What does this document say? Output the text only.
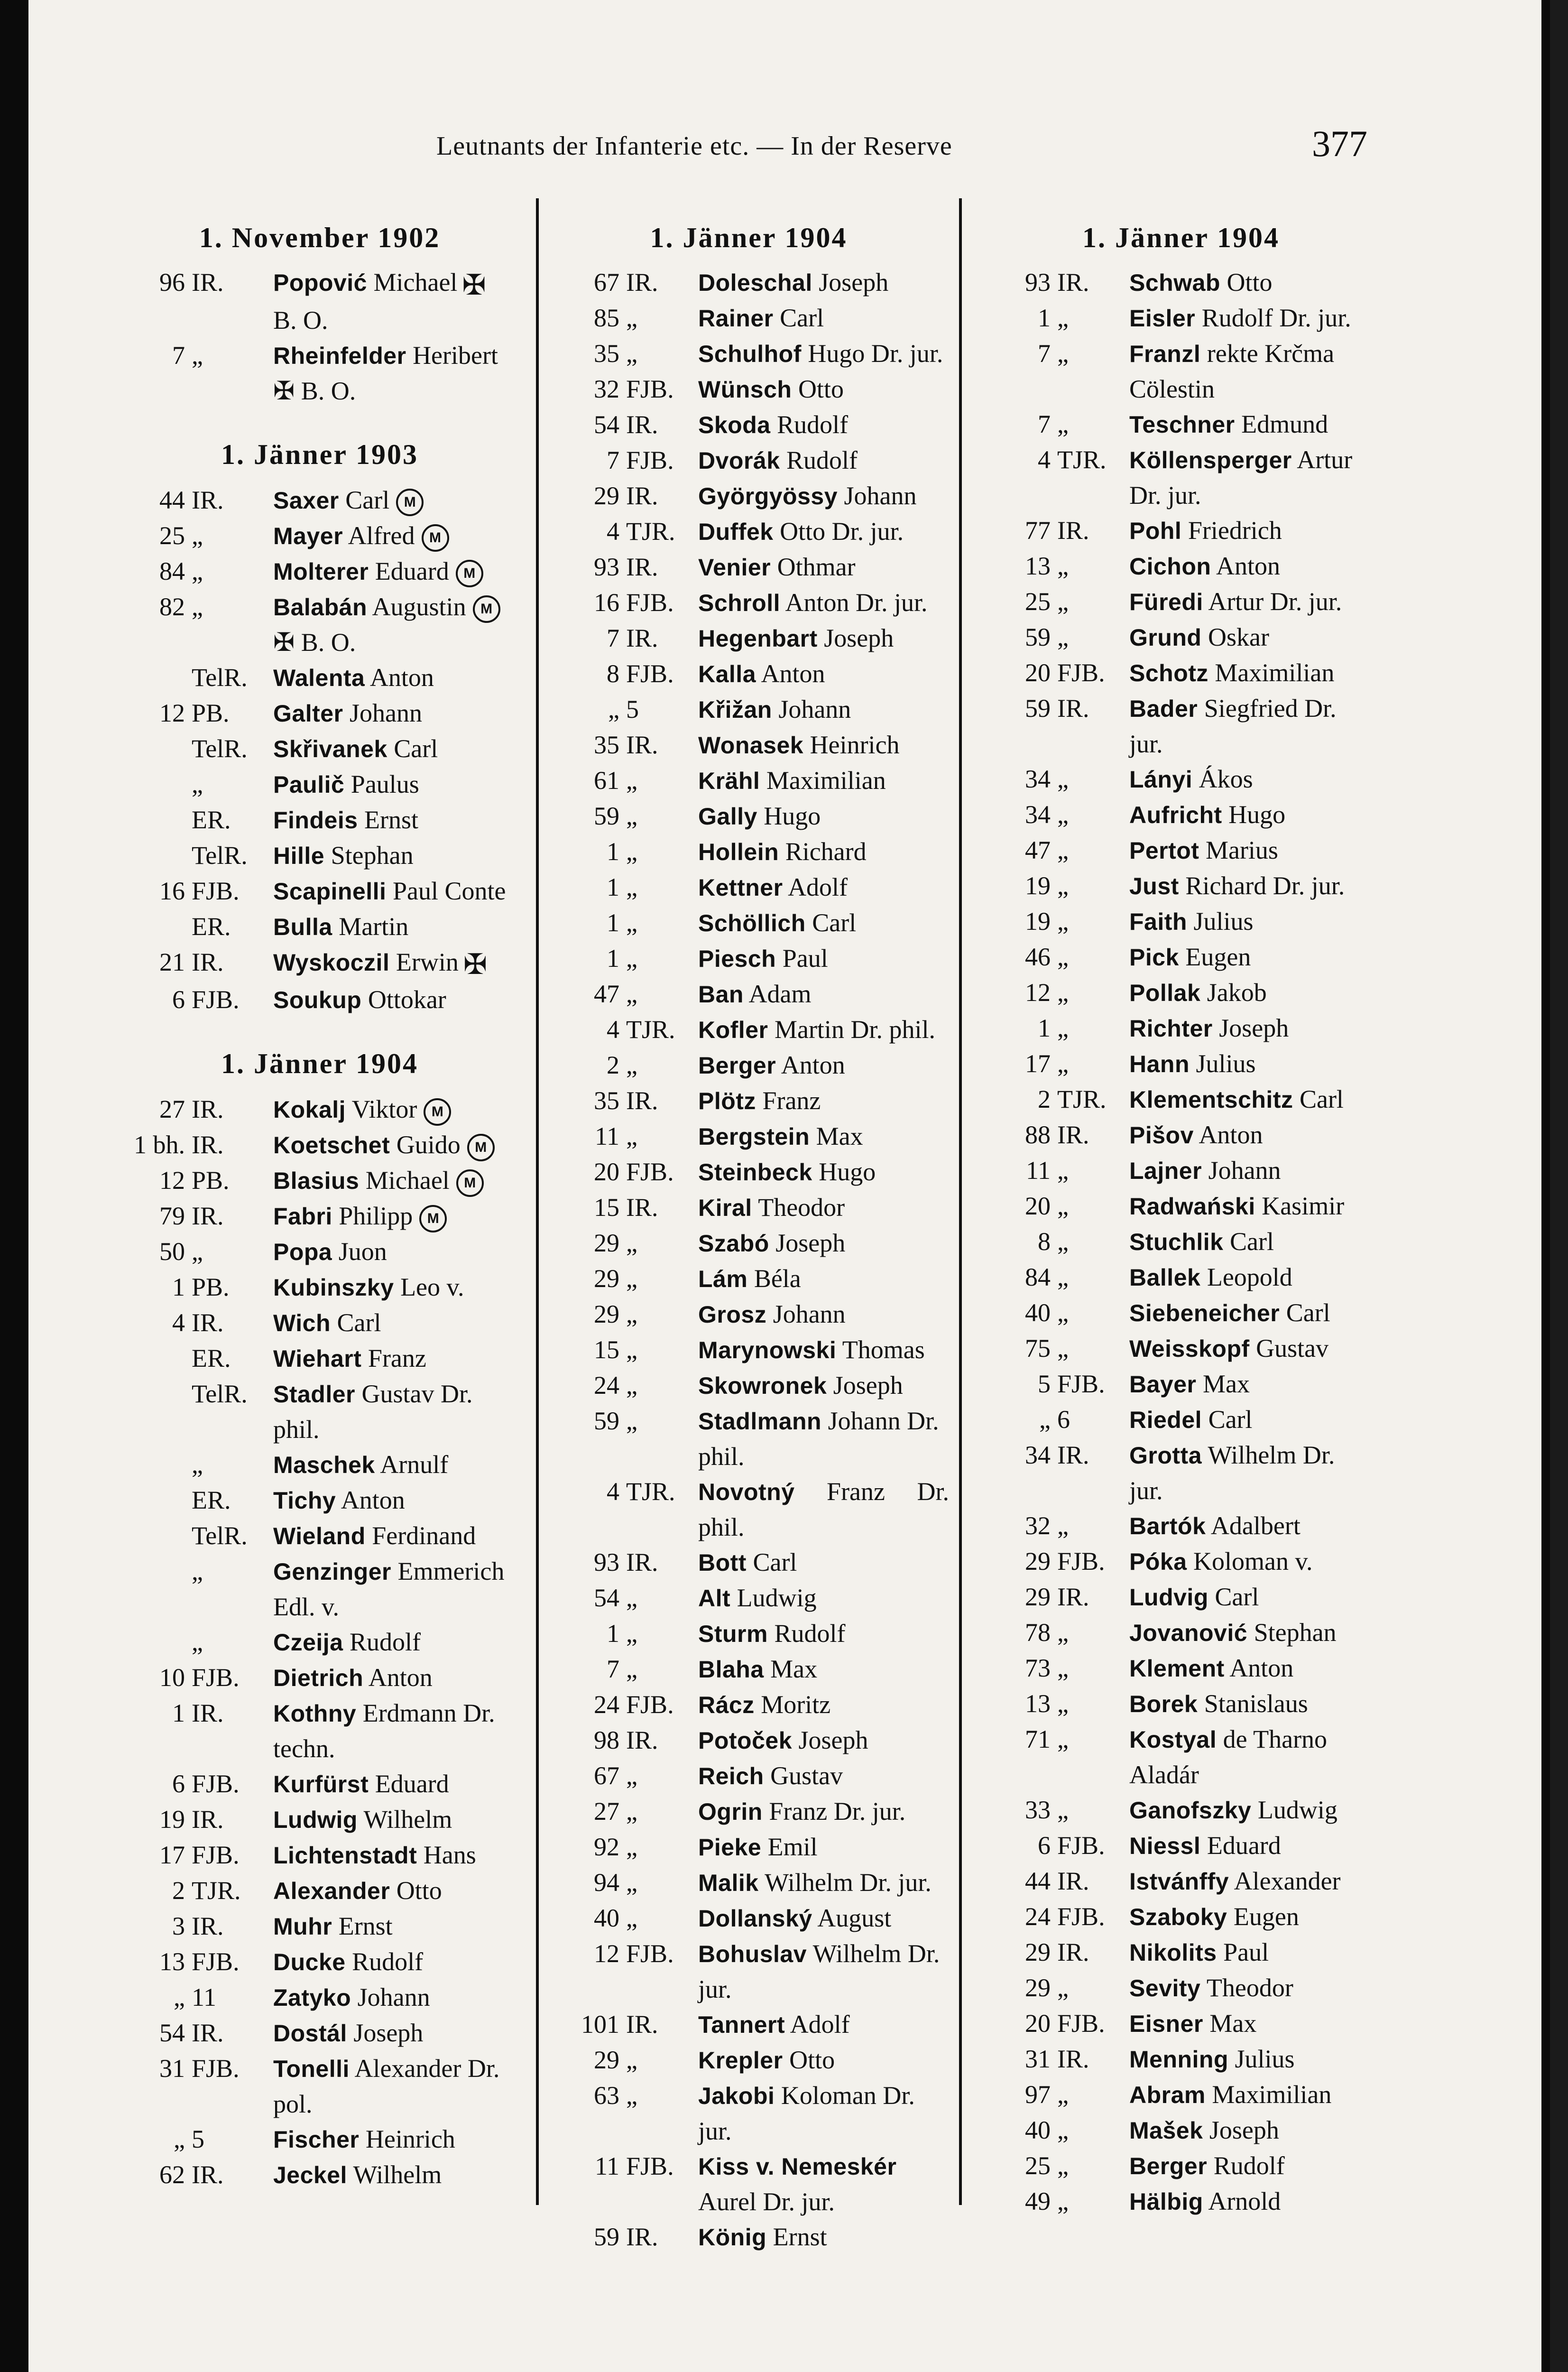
Leutnants der Infanterie etc. — In der Reserve	377
1. November 1902
96 IR.	Popović Michael ✠
B. O.
7 „	Rheinfelder Heribert
✠ B. O.
1. Jänner 1903
44 IR.	Saxer Carl M
25 „	Mayer Alfred M
84 „	Molterer Eduard M
82 „	Balabán Augustin M
✠ B. O.
TelR.	Walenta Anton
12 PB.	Galter Johann
TelR.	Skřivanek Carl
„	Paulič Paulus
ER.	Findeis Ernst
TelR.	Hille Stephan
16 FJB.	Scapinelli Paul Conte
ER.	Bulla Martin
21 IR.	Wyskoczil Erwin ✠
6 FJB.	Soukup Ottokar
1. Jänner 1904
27 IR.	Kokalj Viktor M
1 bh. IR.	Koetschet Guido M
12 PB.	Blasius Michael M
79 IR.	Fabri Philipp M
50 „	Popa Juon
1 PB.	Kubinszky Leo v.
4 IR.	Wich Carl
ER.	Wiehart Franz
TelR.	Stadler Gustav Dr.
phil.
„	Maschek Arnulf
ER.	Tichy Anton
TelR.	Wieland Ferdinand
„	Genzinger Emmerich
Edl. v.
„	Czeija Rudolf
10 FJB.	Dietrich Anton
1 IR.	Kothny Erdmann Dr.
techn.
6 FJB.	Kurfürst Eduard
19 IR.	Ludwig Wilhelm
17 FJB.	Lichtenstadt Hans
2 TJR.	Alexander Otto
3 IR.	Muhr Ernst
13 FJB.	Ducke Rudolf
„ 11	Zatyko Johann
54 IR.	Dostál Joseph
31 FJB.	Tonelli Alexander Dr.
pol.
„ 5	Fischer Heinrich
62 IR.	Jeckel Wilhelm
1. Jänner 1904
67 IR.	Doleschal Joseph
85 „	Rainer Carl
35 „	Schulhof Hugo Dr. jur.
32 FJB.	Wünsch Otto
54 IR.	Skoda Rudolf
7 FJB.	Dvorák Rudolf
29 IR.	Györgyössy Johann
4 TJR. Duffek Otto Dr. jur.
93 IR.	Venier Othmar
16 FJB.	Schroll Anton Dr. jur.
7 IR.	Hegenbart Joseph
8 FJB.	Kalla Anton
„ 5	Křižan Johann
35 IR.	Wonasek Heinrich
61 „	Krähl Maximilian
59 „	Gally Hugo
1 „	Hollein Richard
1 „	Kettner Adolf
1 „	Schöllich Carl
1 „	Piesch Paul
47 „	Ban Adam
4 TJR. Kofler Martin Dr. phil.
2 „	Berger Anton
35 IR.	Plötz Franz
11 „	Bergstein Max
20 FJB.	Steinbeck Hugo
15 IR.	Kiral Theodor
29 „	Szabó Joseph
29 „	Lám Béla
29 „	Grosz Johann
15 „	Marynowski Thomas
24 „	Skowronek Joseph
59 „	Stadlmann Johann Dr.
phil.
4 TJR. Novotný Franz Dr. phil.
93 IR.	Bott Carl
54 „	Alt Ludwig
1 „	Sturm Rudolf
7 „	Blaha Max
24 FJB.	Rácz Moritz
98 IR.	Potoček Joseph
67 „	Reich Gustav
27 „	Ogrin Franz Dr. jur.
92 „	Pieke Emil
94 „	Malik Wilhelm Dr. jur.
40 „	Dollanský August
12 FJB.	Bohuslav Wilhelm Dr.
jur.
101 IR.	Tannert Adolf
29 „	Krepler Otto
63 „	Jakobi Koloman Dr.
jur.
11 FJB.	Kiss v. Nemeskér
Aurel Dr. jur.
59 IR.	König Ernst
1. Jänner 1904
93 IR.	Schwab Otto
1 „	Eisler Rudolf Dr. jur.
7 „	Franzl rekte Krčma
Cölestin
7 „	Teschner Edmund
4 TJR. Köllensperger Artur
Dr. jur.
77 IR.	Pohl Friedrich
13 „	Cichon Anton
25 „	Füredi Artur Dr. jur.
59 „	Grund Oskar
20 FJB.	Schotz Maximilian
59 IR.	Bader Siegfried Dr.
jur.
34 „	Lányi Ákos
34 „	Aufricht Hugo
47 „	Pertot Marius
19 „	Just Richard Dr. jur.
19 „	Faith Julius
46 „	Pick Eugen
12 „	Pollak Jakob
1 „	Richter Joseph
17 „	Hann Julius
2 TJR. Klementschitz Carl
88 IR.	Pišov Anton
11 „	Lajner Johann
20 „	Radwański Kasimir
8 „	Stuchlik Carl
84 „	Ballek Leopold
40 „	Siebeneicher Carl
75 „	Weisskopf Gustav
5 FJB.	Bayer Max
„ 6	Riedel Carl
34 IR.	Grotta Wilhelm Dr.
jur.
32 „	Bartók Adalbert
29 FJB.	Póka Koloman v.
29 IR.	Ludvig Carl
78 „	Jovanović Stephan
73 „	Klement Anton
13 „	Borek Stanislaus
71 „	Kostyal de Tharno
Aladár
33 „	Ganofszky Ludwig
6 FJB.	Niessl Eduard
44 IR.	Istvánffy Alexander
24 FJB.	Szaboky Eugen
29 IR.	Nikolits Paul
29 „	Sevity Theodor
20 FJB.	Eisner Max
31 IR.	Menning Julius
97 „	Abram Maximilian
40 „	Mašek Joseph
25 „	Berger Rudolf
49 „	Hälbig Arnold
